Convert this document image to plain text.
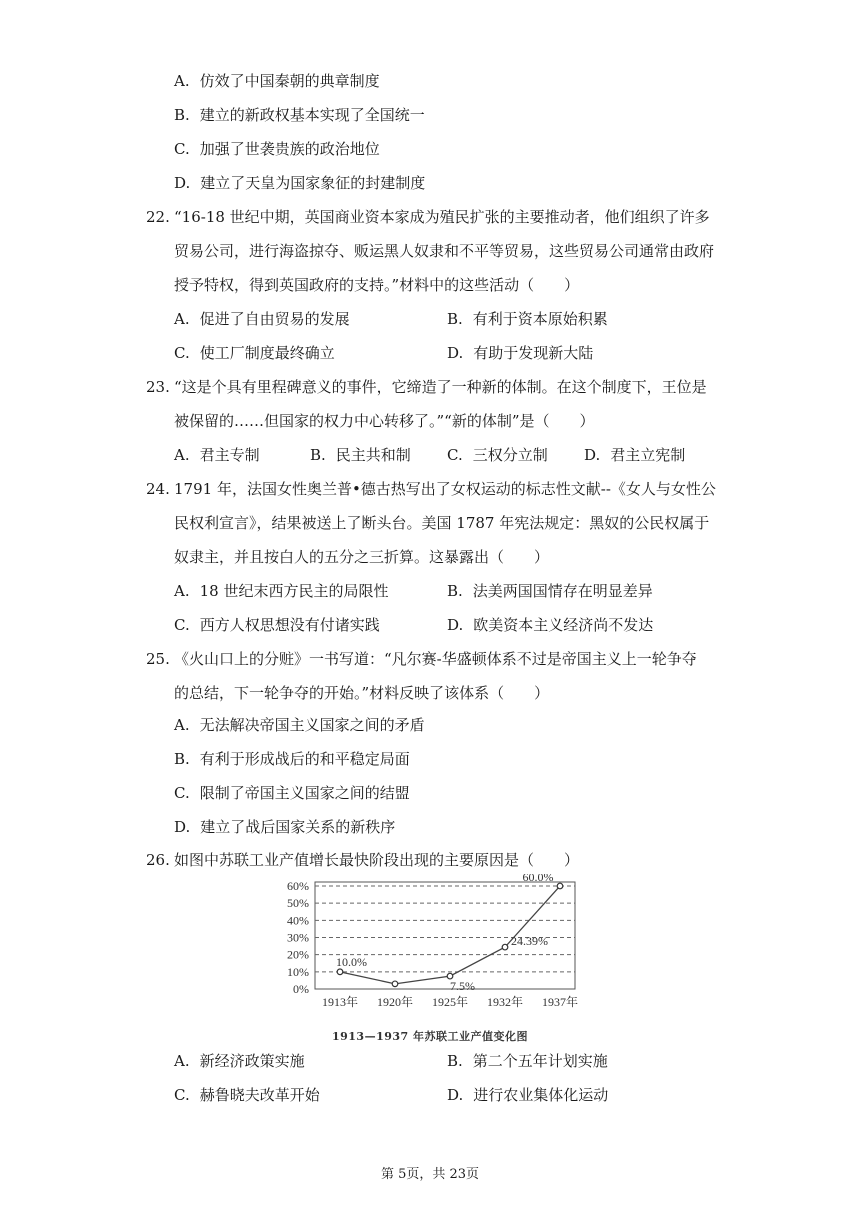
A. 仿效了中国秦朝的典章制度
B. 建立的新政权基本实现了全国统一
C. 加强了世袭贵族的政治地位
D. 建立了天皇为国家象征的封建制度
22. “16-18 世纪中期，英国商业资本家成为殖民扩张的主要推动者，他们组织了许多
贸易公司，进行海盗掠夺、贩运黑人奴隶和不平等贸易，这些贸易公司通常由政府
授予特权，得到英国政府的支持。”材料中的这些活动（　　）
A. 促进了自由贸易的发展	B. 有利于资本原始积累
C. 使工厂制度最终确立	D. 有助于发现新大陆
23. “这是个具有里程碑意义的事件，它缔造了一种新的体制。在这个制度下，王位是
被保留的……但国家的权力中心转移了。”“新的体制”是（　　）
A. 君主专制	B. 民主共和制 C. 三权分立制 D. 君主立宪制
24. 1791 年，法国女性奥兰普•德古热写出了女权运动的标志性文献--《女人与女性公
民权利宣言》，结果被送上了断头台。美国 1787 年宪法规定：黑奴的公民权属于
奴隶主，并且按白人的五分之三折算。这暴露出（　　）
A. 18 世纪末西方民主的局限性	B. 法美两国国情存在明显差异
C. 西方人权思想没有付诸实践	D. 欧美资本主义经济尚不发达
25. 《火山口上的分赃》一书写道：“凡尔赛-华盛顿体系不过是帝国主义上一轮争夺
的总结，下一轮争夺的开始。”材料反映了该体系（　　）
A. 无法解决帝国主义国家之间的矛盾
B. 有利于形成战后的和平稳定局面
C. 限制了帝国主义国家之间的结盟
D. 建立了战后国家关系的新秩序
26. 如图中苏联工业产值增长最快阶段出现的主要原因是（　　）
0%
10%
20%
30%
40%
50%
60%
1913年 1920年 1925年 1932年 1937年
10.0%
7.5%
24.39%
60.0%
1913—1937 年苏联工业产值变化图
A. 新经济政策实施	B. 第二个五年计划实施
C. 赫鲁晓夫改革开始	D. 进行农业集体化运动
第 5页，共 23页
